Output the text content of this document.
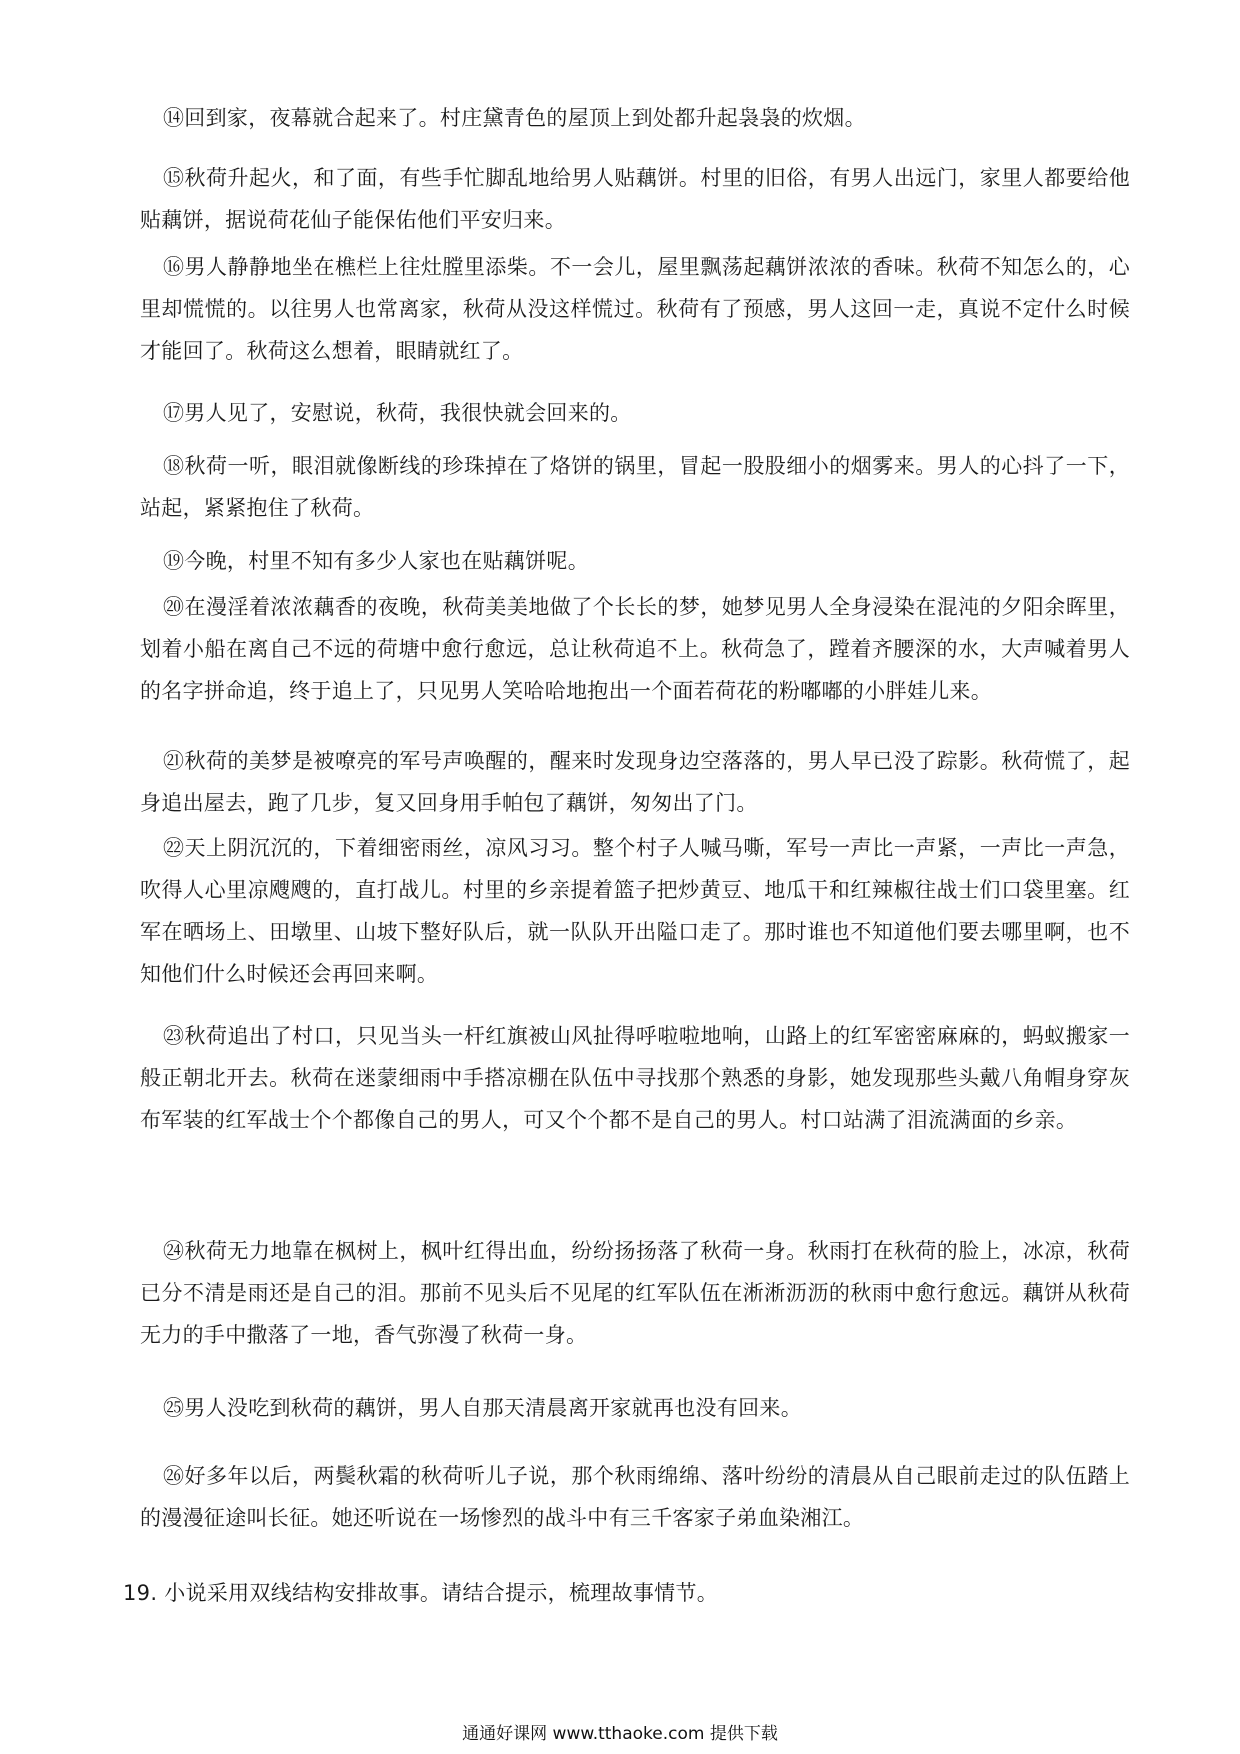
⑭回到家，夜幕就合起来了。村庄黛青色的屋顶上到处都升起袅袅的炊烟。

⑮秋荷升起火，和了面，有些手忙脚乱地给男人贴藕饼。村里的旧俗，有男人出远门，家里人都要给他贴藕饼，据说荷花仙子能保佑他们平安归来。

⑯男人静静地坐在樵栏上往灶膛里添柴。不一会儿，屋里飘荡起藕饼浓浓的香味。秋荷不知怎么的，心里却慌慌的。以往男人也常离家，秋荷从没这样慌过。秋荷有了预感，男人这回一走，真说不定什么时候才能回了。秋荷这么想着，眼睛就红了。

⑰男人见了，安慰说，秋荷，我很快就会回来的。

⑱秋荷一听，眼泪就像断线的珍珠掉在了烙饼的锅里，冒起一股股细小的烟雾来。男人的心抖了一下，站起，紧紧抱住了秋荷。

⑲今晚，村里不知有多少人家也在贴藕饼呢。

⑳在漫淫着浓浓藕香的夜晚，秋荷美美地做了个长长的梦，她梦见男人全身浸染在混沌的夕阳余晖里，划着小船在离自己不远的荷塘中愈行愈远，总让秋荷追不上。秋荷急了，蹚着齐腰深的水，大声喊着男人的名字拼命追，终于追上了，只见男人笑哈哈地抱出一个面若荷花的粉嘟嘟的小胖娃儿来。

㉑秋荷的美梦是被嘹亮的军号声唤醒的，醒来时发现身边空落落的，男人早已没了踪影。秋荷慌了，起身追出屋去，跑了几步，复又回身用手帕包了藕饼，匆匆出了门。

㉒天上阴沉沉的，下着细密雨丝，凉风习习。整个村子人喊马嘶，军号一声比一声紧，一声比一声急，吹得人心里凉飕飕的，直打战儿。村里的乡亲提着篮子把炒黄豆、地瓜干和红辣椒往战士们口袋里塞。红军在晒场上、田墩里、山坡下整好队后，就一队队开出隘口走了。那时谁也不知道他们要去哪里啊，也不知他们什么时候还会再回来啊。

㉓秋荷追出了村口，只见当头一杆红旗被山风扯得呼啦啦地响，山路上的红军密密麻麻的，蚂蚁搬家一般正朝北开去。秋荷在迷蒙细雨中手搭凉棚在队伍中寻找那个熟悉的身影，她发现那些头戴八角帽身穿灰布军装的红军战士个个都像自己的男人，可又个个都不是自己的男人。村口站满了泪流满面的乡亲。

㉔秋荷无力地靠在枫树上，枫叶红得出血，纷纷扬扬落了秋荷一身。秋雨打在秋荷的脸上，冰凉，秋荷已分不清是雨还是自己的泪。那前不见头后不见尾的红军队伍在淅淅沥沥的秋雨中愈行愈远。藕饼从秋荷无力的手中撒落了一地，香气弥漫了秋荷一身。

㉕男人没吃到秋荷的藕饼，男人自那天清晨离开家就再也没有回来。

㉖好多年以后，两鬓秋霜的秋荷听儿子说，那个秋雨绵绵、落叶纷纷的清晨从自己眼前走过的队伍踏上的漫漫征途叫长征。她还听说在一场惨烈的战斗中有三千客家子弟血染湘江。

19. 小说采用双线结构安排故事。请结合提示，梳理故事情节。

通通好课网 www.tthaoke.com 提供下载
